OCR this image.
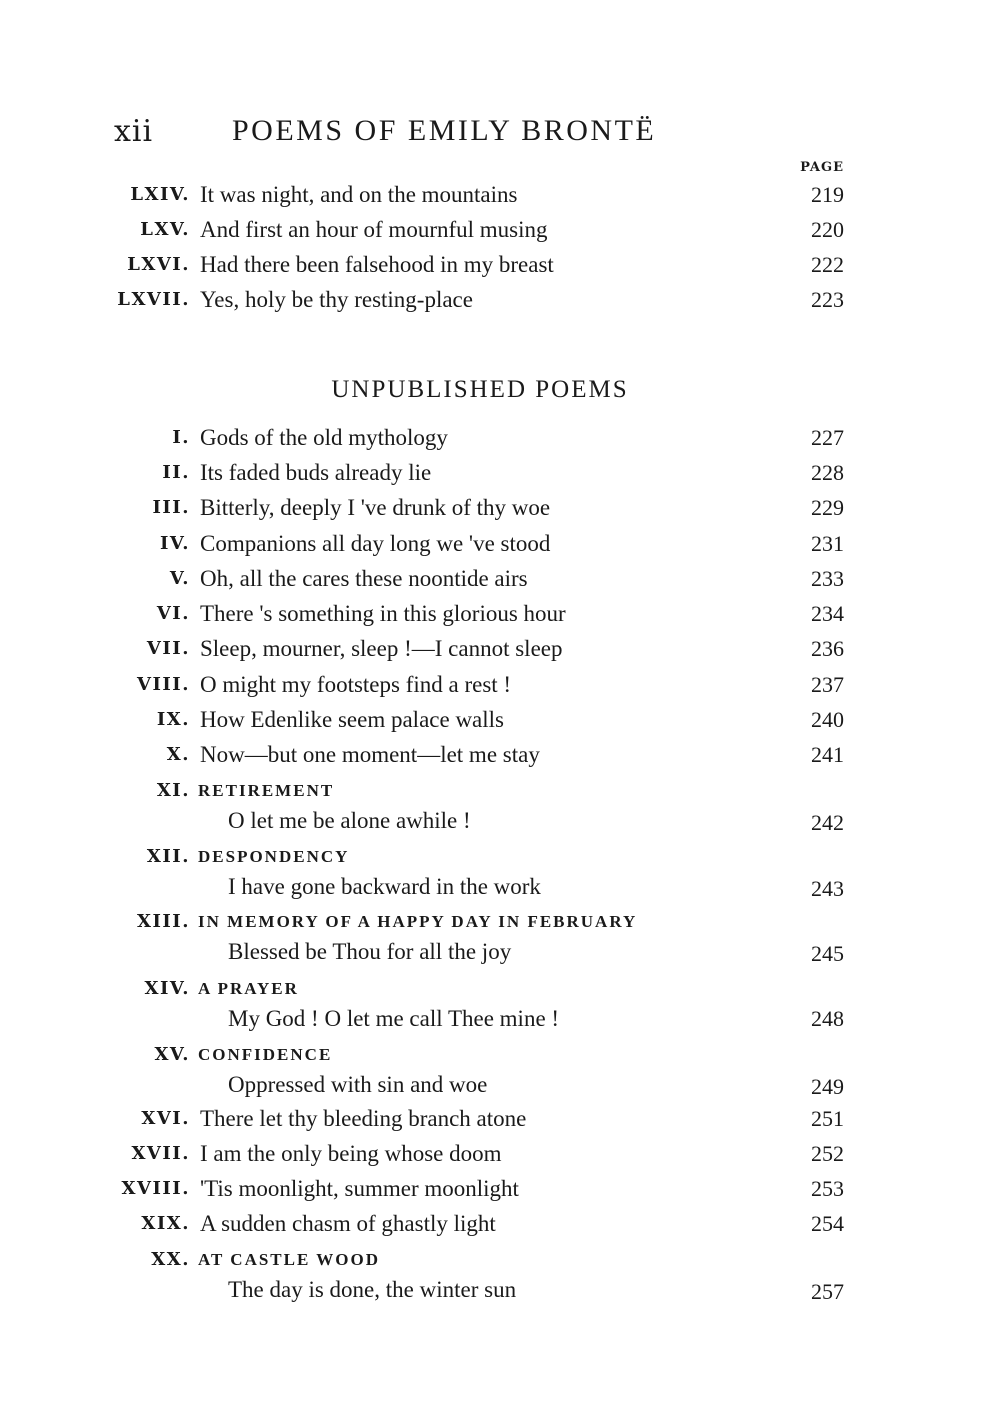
xii	POEMS OF EMILY BRONTË
PAGE
LXIV. It was night, and on the mountains	219
LXV. And first an hour of mournful musing	220
LXVI. Had there been falsehood in my breast	222
LXVII. Yes, holy be thy resting-place	223
UNPUBLISHED POEMS
I. Gods of the old mythology	227
II. Its faded buds already lie	228
III. Bitterly, deeply I 've drunk of thy woe	229
IV. Companions all day long we 've stood	231
V. Oh, all the cares these noontide airs	233
VI. There 's something in this glorious hour	234
VII. Sleep, mourner, sleep !—I cannot sleep	236
VIII. O might my footsteps find a rest !	237
IX. How Edenlike seem palace walls	240
X. Now—but one moment—let me stay	241
XI. RETIREMENT
O let me be alone awhile !	242
XII. DESPONDENCY
I have gone backward in the work	243
XIII. IN MEMORY OF A HAPPY DAY IN FEBRUARY
Blessed be Thou for all the joy	245
XIV. A PRAYER
My God ! O let me call Thee mine !	248
XV. CONFIDENCE
Oppressed with sin and woe	249
XVI. There let thy bleeding branch atone	251
XVII. I am the only being whose doom	252
XVIII. 'Tis moonlight, summer moonlight	253
XIX. A sudden chasm of ghastly light	254
XX. AT CASTLE WOOD
The day is done, the winter sun	257
